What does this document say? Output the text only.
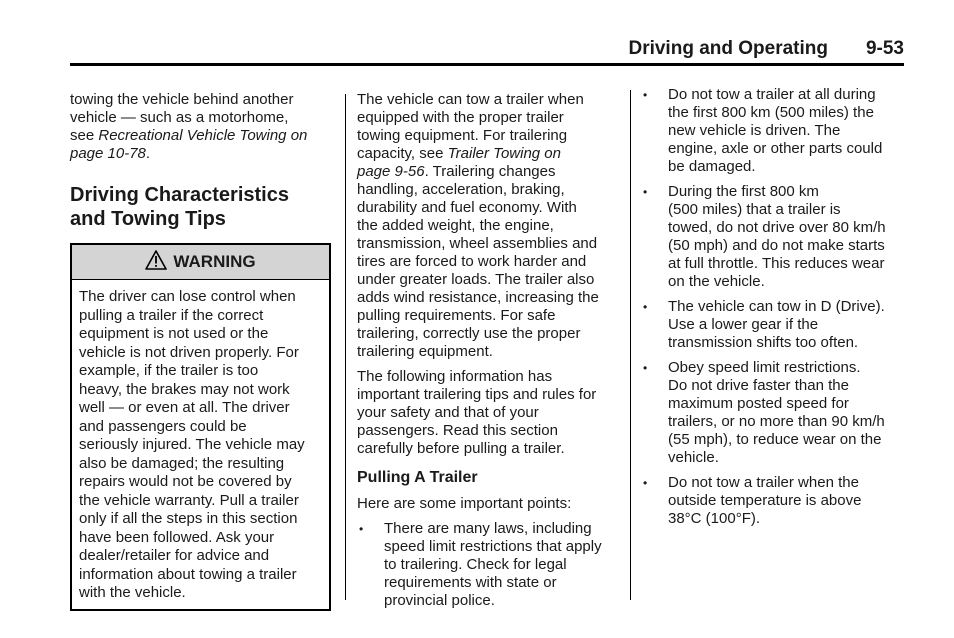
Driving and Operating 9-53

towing the vehicle behind another
vehicle — such as a motorhome,
see Recreational Vehicle Towing on
page 10-78.

Driving Characteristics
and Towing Tips
WARNING
The driver can lose control when
pulling a trailer if the correct
equipment is not used or the
vehicle is not driven properly. For
example, if the trailer is too
heavy, the brakes may not work
well — or even at all. The driver
and passengers could be
seriously injured. The vehicle may
also be damaged; the resulting
repairs would not be covered by
the vehicle warranty. Pull a trailer
only if all the steps in this section
have been followed. Ask your
dealer/retailer for advice and
information about towing a trailer
with the vehicle.

The vehicle can tow a trailer when
equipped with the proper trailer
towing equipment. For trailering
capacity, see Trailer Towing on
page 9-56. Trailering changes
handling, acceleration, braking,
durability and fuel economy. With
the added weight, the engine,
transmission, wheel assemblies and
tires are forced to work harder and
under greater loads. The trailer also
adds wind resistance, increasing the
pulling requirements. For safe
trailering, correctly use the proper
trailering equipment.

The following information has
important trailering tips and rules for
your safety and that of your
passengers. Read this section
carefully before pulling a trailer.

Pulling A Trailer

Here are some important points:

• There are many laws, including
speed limit restrictions that apply
to trailering. Check for legal
requirements with state or
provincial police.
• Do not tow a trailer at all during
the first 800 km (500 miles) the
new vehicle is driven. The
engine, axle or other parts could
be damaged.
• During the first 800 km
(500 miles) that a trailer is
towed, do not drive over 80 km/h
(50 mph) and do not make starts
at full throttle. This reduces wear
on the vehicle.
• The vehicle can tow in D (Drive).
Use a lower gear if the
transmission shifts too often.
• Obey speed limit restrictions.
Do not drive faster than the
maximum posted speed for
trailers, or no more than 90 km/h
(55 mph), to reduce wear on the
vehicle.
• Do not tow a trailer when the
outside temperature is above
38°C (100°F).
